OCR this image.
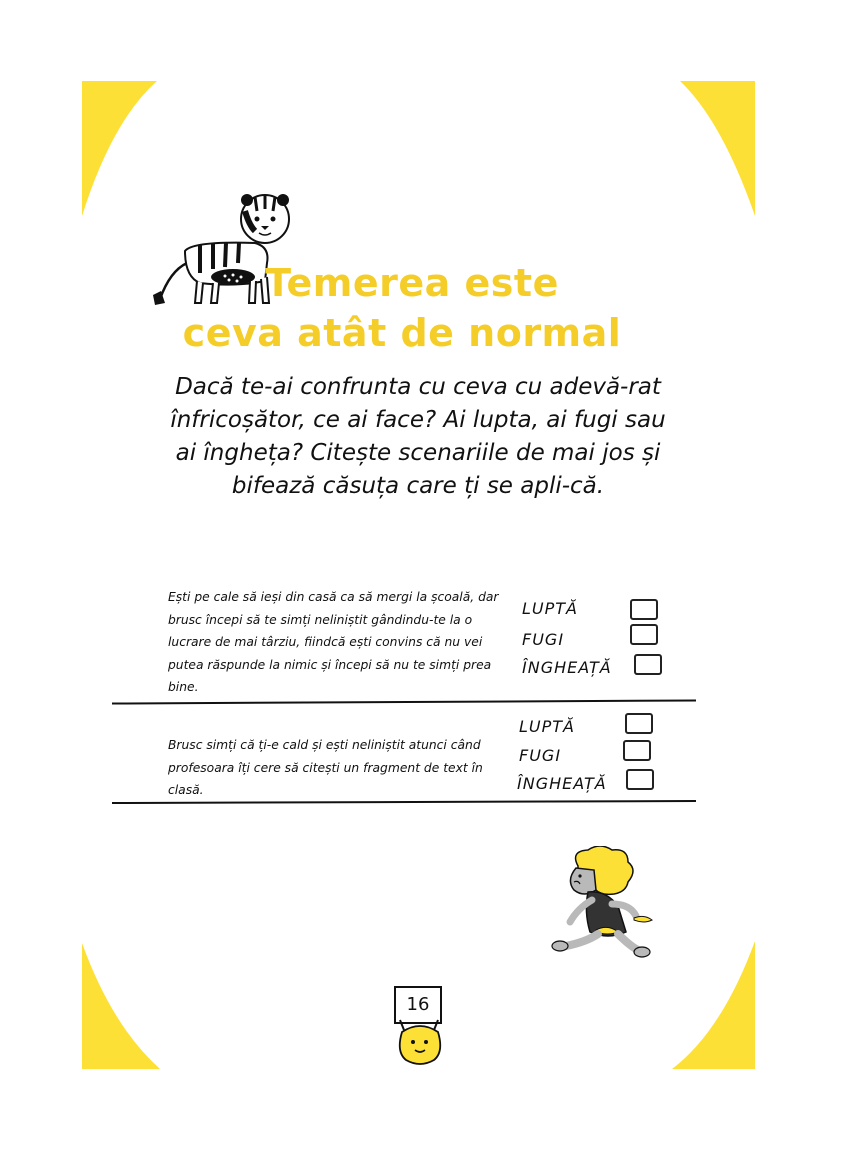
Temerea este
ceva atât de normal
Dacă te-ai confrunta cu ceva cu adevă-rat înfricoșător, ce ai face? Ai lupta, ai fugi sau ai îngheța? Citește scenariile de mai jos și bifează căsuța care ți se apli-că.
Ești pe cale să ieși din casă ca să mergi la școală, dar brusc începi să te simți neliniștit gândindu-te la o lucrare de mai târziu, fiindcă ești convins că nu vei putea răspunde la nimic și începi să nu te simți prea bine.
LUPTĂ
FUGI
ÎNGHEAȚĂ
LUPTĂ
Brusc simți că ți-e cald și ești neliniștit atunci când profesoara îți cere să citești un fragment de text în clasă.
FUGI
ÎNGHEAȚĂ
16
